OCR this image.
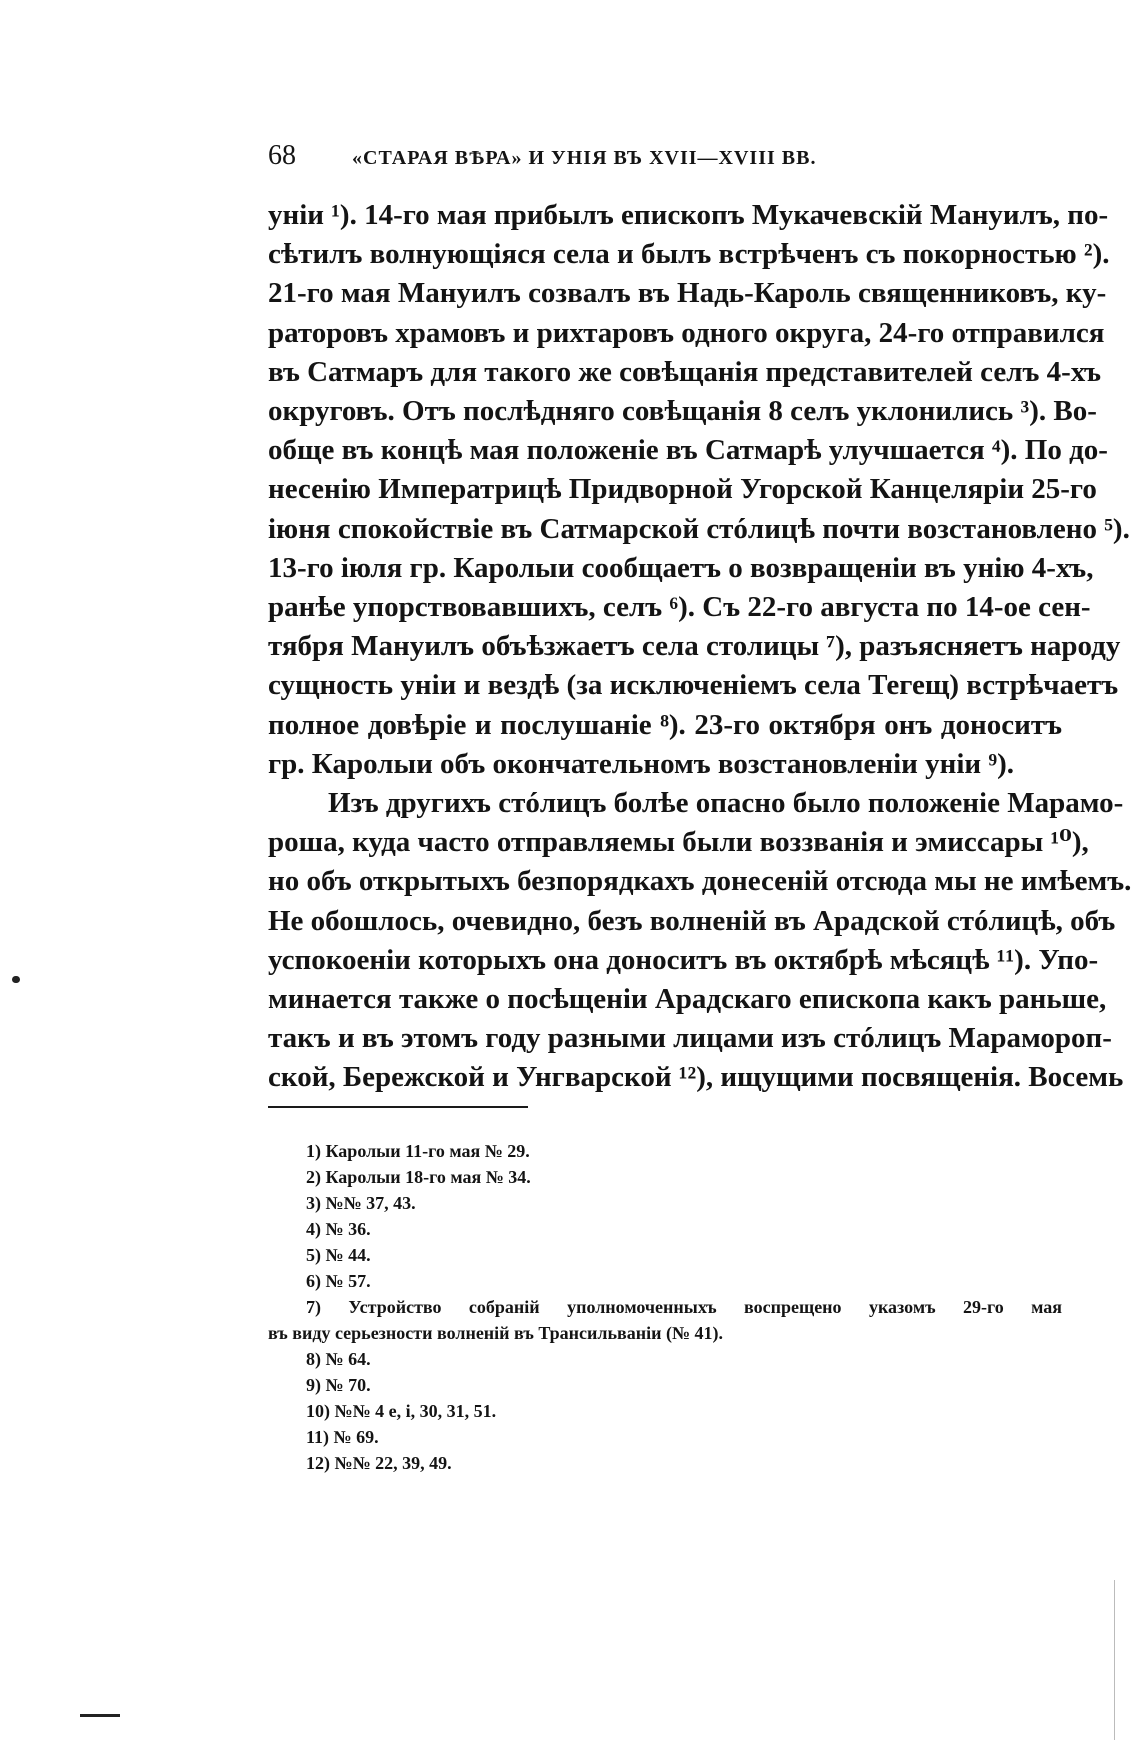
68	«СТАРАЯ ВѢРА» И УНІЯ ВЪ XVII—XVIII ВВ.
уніи ¹). 14-го мая прибылъ епископъ Мукачевскій Мануилъ, по-
сѣтилъ волнующіяся села и былъ встрѣченъ съ покорностью ²).
21-го мая Мануилъ созвалъ въ Надь-Кароль священниковъ, ку-
раторовъ храмовъ и рихтаровъ одного округа, 24-го отправился
въ Сатмаръ для такого же совѣщанія представителей селъ 4-хъ
округовъ. Отъ послѣдняго совѣщанія 8 селъ уклонились ³). Во-
обще въ концѣ мая положеніе въ Сатмарѣ улучшается ⁴). По до-
несенію Императрицѣ Придворной Угорской Канцеляріи 25-го
іюня спокойствіе въ Сатмарской стóлицѣ почти возстановлено ⁵).
13-го іюля гр. Каролыи сообщаетъ о возвращеніи въ унію 4-хъ,
ранѣе упорствовавшихъ, селъ ⁶). Съ 22-го августа по 14-ое сен-
тября Мануилъ объѣзжаетъ села столицы ⁷), разъясняетъ народу
сущность уніи и вездѣ (за исключеніемъ села Тегещ) встрѣчаетъ
полное довѣріе и послушаніе ⁸). 23-го октября онъ доноситъ
гр. Каролыи объ окончательномъ возстановленіи уніи ⁹).
Изъ другихъ стóлицъ болѣе опасно было положеніе Марамо-
роша, куда часто отправляемы были воззванія и эмиссары ¹⁰),
но объ открытыхъ безпорядкахъ донесеній отсюда мы не имѣемъ.
Не обошлось, очевидно, безъ волненій въ Арадской стóлицѣ, объ
успокоеніи которыхъ она доноситъ въ октябрѣ мѣсяцѣ ¹¹). Упо-
минается также о посѣщеніи Арадскаго епископа какъ раньше,
такъ и въ этомъ году разными лицами изъ стóлицъ Марамороп-
ской, Бережской и Унгварской ¹²), ищущими посвященія. Восемь
1) Каролыи 11-го мая № 29.
2) Каролыи 18-го мая № 34.
3) №№ 37, 43.
4) № 36.
5) № 44.
6) № 57.
7) Устройство собраній уполномоченныхъ воспрещено указомъ 29-го мая
въ виду серьезности волненій въ Трансильваніи (№ 41).
8) № 64.
9) № 70.
10) №№ 4 е, і, 30, 31, 51.
11) № 69.
12) №№ 22, 39, 49.
